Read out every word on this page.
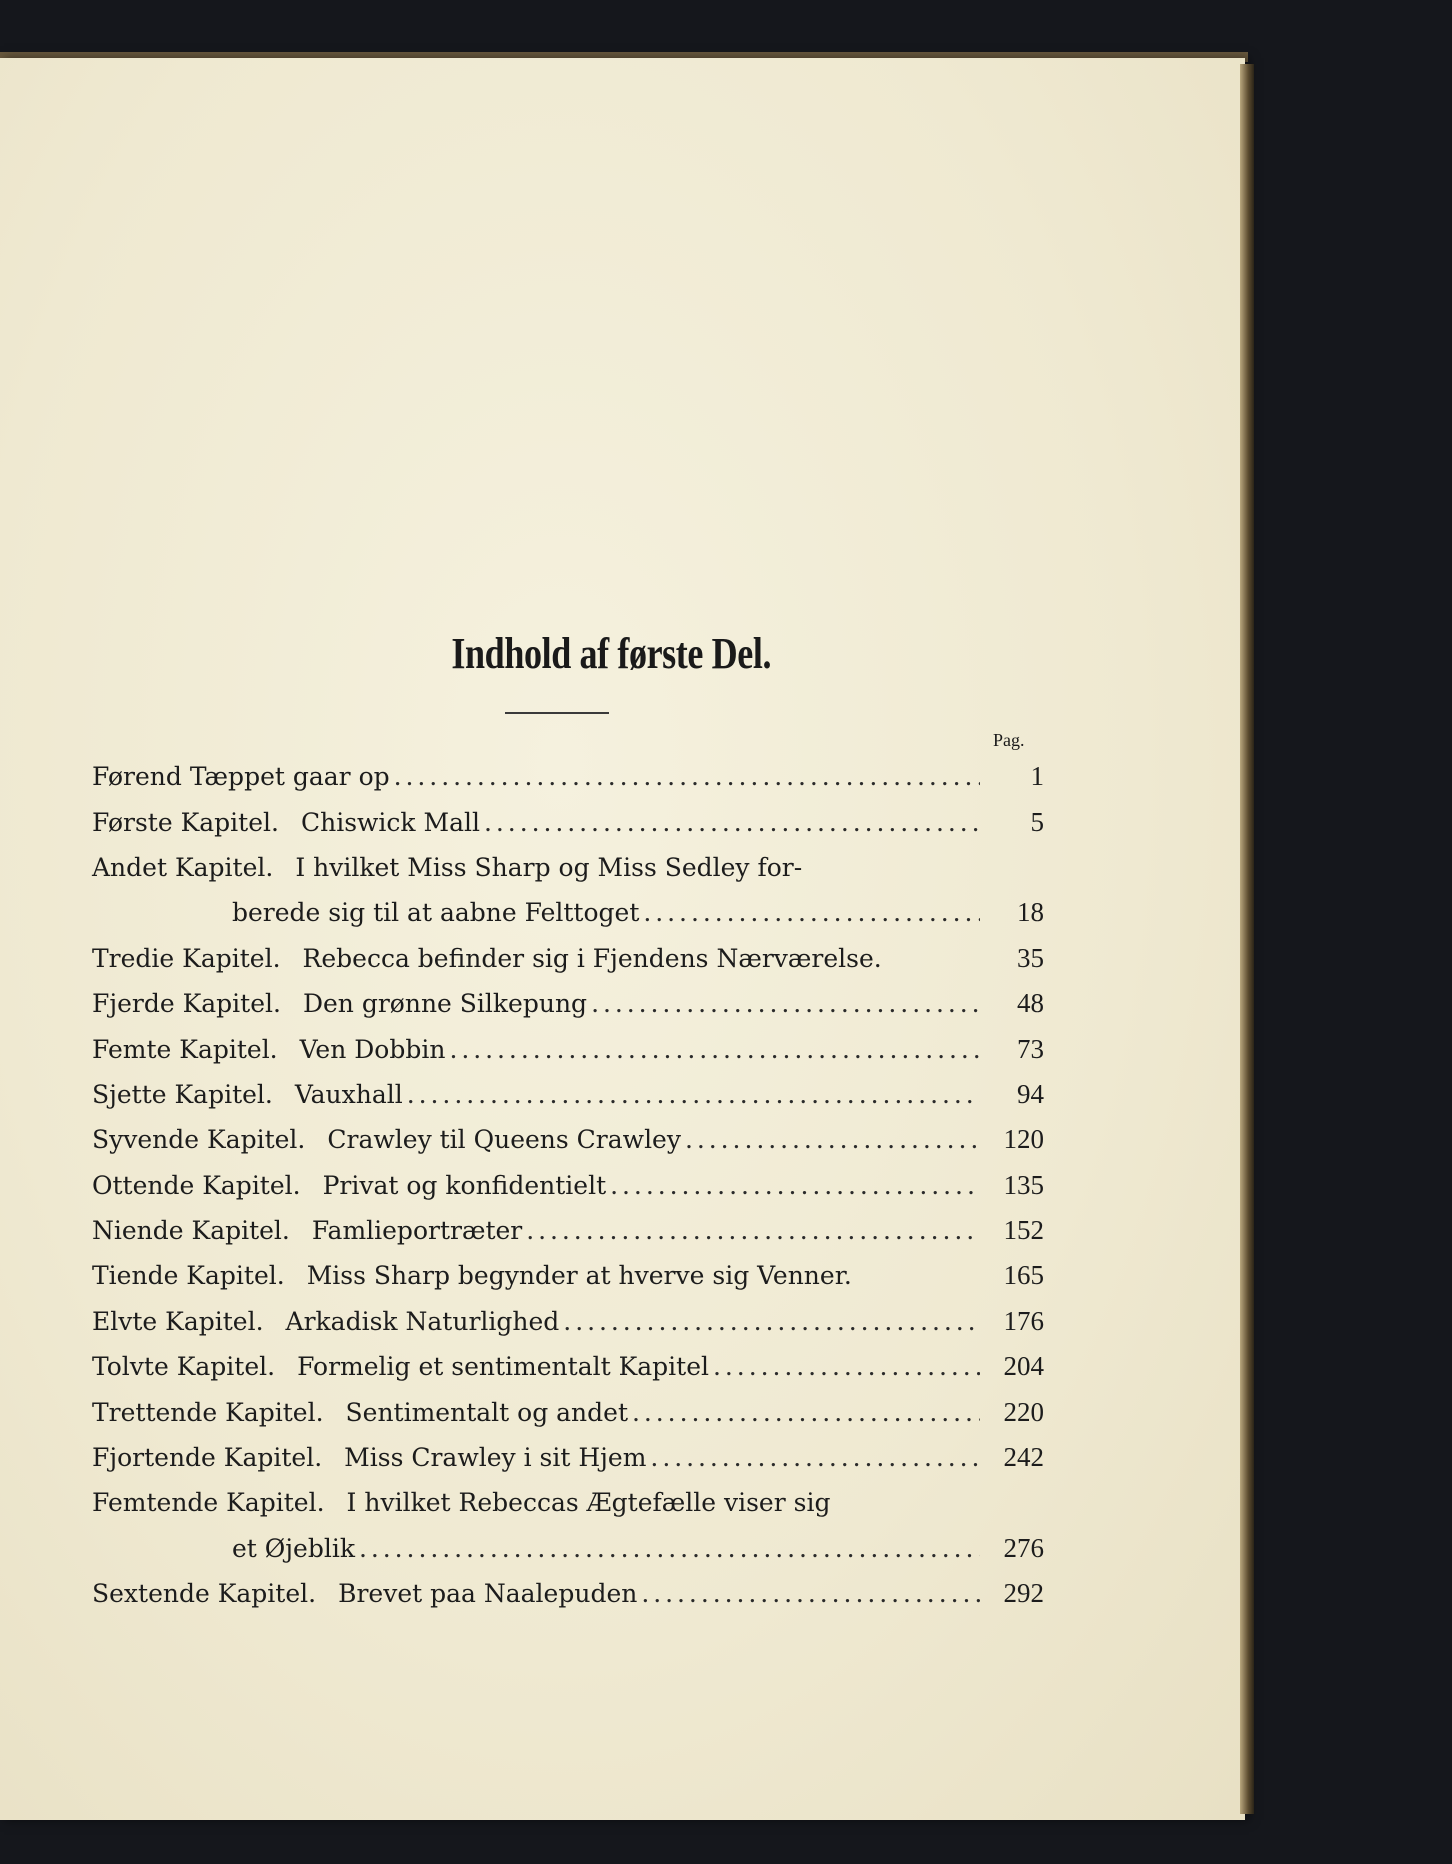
Indhold af første Del.
Pag.
Førend Tæppet gaar op . . .	1
Første Kapitel. Chiswick Mall . . .	5
Andet Kapitel. I hvilket Miss Sharp og Miss Sedley for-
berede sig til at aabne Felttoget . . .	18
Tredie Kapitel. Rebecca befinder sig i Fjendens Nærværelse.	35
Fjerde Kapitel. Den grønne Silkepung . . .	48
Femte Kapitel. Ven Dobbin . . .	73
Sjette Kapitel. Vauxhall . . .	94
Syvende Kapitel. Crawley til Queens Crawley . . .	120
Ottende Kapitel. Privat og konfidentielt . . .	135
Niende Kapitel. Famlieportræter . . .	152
Tiende Kapitel. Miss Sharp begynder at hverve sig Venner.	165
Elvte Kapitel. Arkadisk Naturlighed . . .	176
Tolvte Kapitel. Formelig et sentimentalt Kapitel . . .	204
Trettende Kapitel. Sentimentalt og andet . . .	220
Fjortende Kapitel. Miss Crawley i sit Hjem . . .	242
Femtende Kapitel. I hvilket Rebeccas Ægtefælle viser sig
et Øjeblik . . .	276
Sextende Kapitel. Brevet paa Naalepuden . . .	292
